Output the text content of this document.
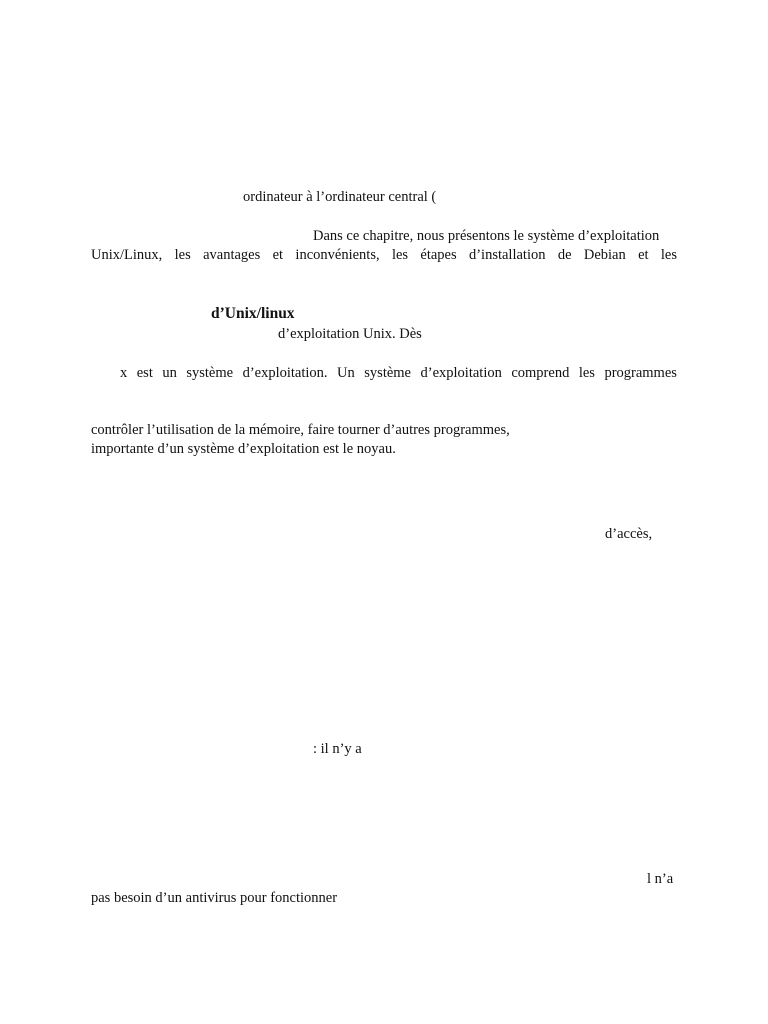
ordinateur à l’ordinateur central (
Dans ce chapitre, nous présentons le système d’exploitation
Unix/Linux, les avantages et inconvénients, les étapes d’installation de Debian et les
d’Unix/linux
d’exploitation Unix. Dès
x est un système d’exploitation. Un système d’exploitation comprend les programmes
contrôler l’utilisation de la mémoire, faire tourner d’autres programmes,
importante d’un système d’exploitation est le noyau.
d’accès,
: il n’y a
l n’a
pas besoin d’un antivirus pour fonctionner
